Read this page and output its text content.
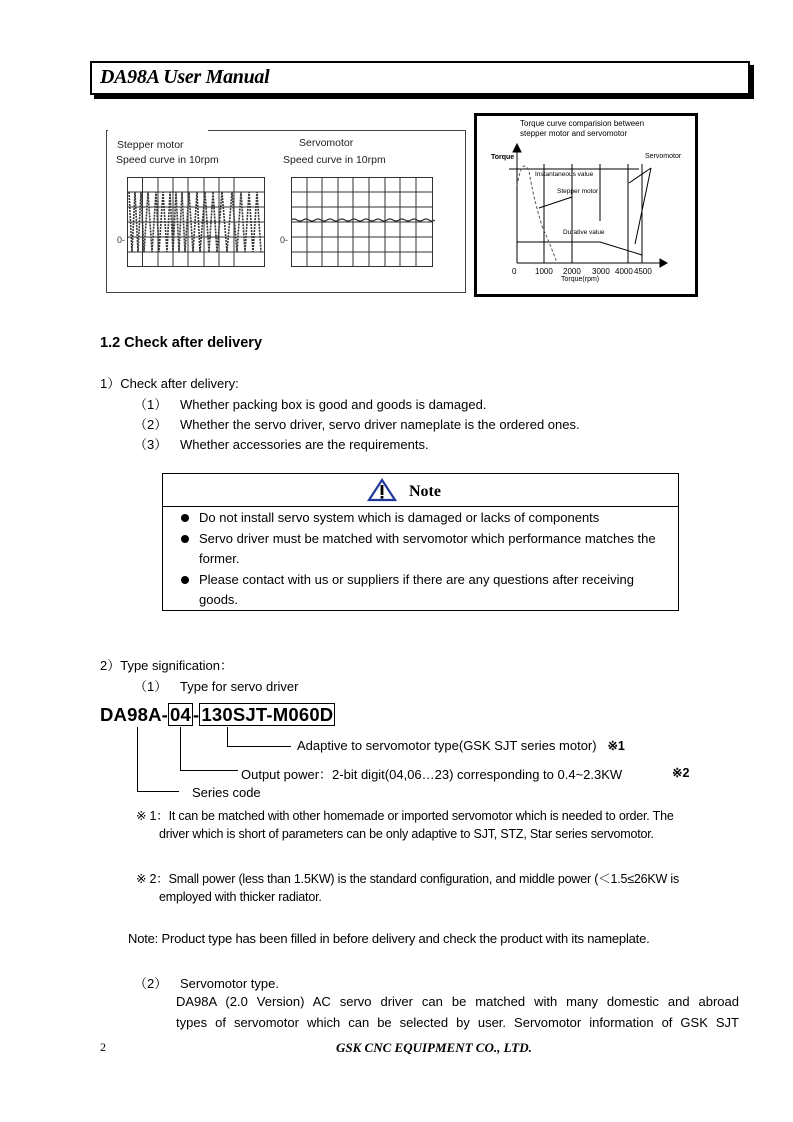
DA98A User Manual
Stepper motor
Speed curve in 10rpm
Servomotor
Speed curve in 10rpm
0-	0-
Torque curve comparision between
stepper motor and servomotor
Torque	Servomotor
Instantaneous value
Stepper motor
Durative value
0 1000 2000 3000 4000 4500
Torque(rpm)
1.2 Check after delivery
1）Check after delivery:
（1） Whether packing box is good and goods is damaged.
（2） Whether the servo driver, servo driver nameplate is the ordered ones.
（3） Whether accessories are the requirements.
Note
Do not install servo system which is damaged or lacks of components
Servo driver must be matched with servomotor which performance matches the former.
Please contact with us or suppliers if there are any questions after receiving goods.
2）Type signification：
（1） Type for servo driver
DA98A- 04 - 130SJT-M060D
Adaptive to servomotor type(GSK SJT series motor) ※1
Output power：2-bit digit(04,06…23) corresponding to 0.4~2.3KW	※2
Series code
※ 1：It can be matched with other homemade or imported servomotor which is needed to order. The
driver which is short of parameters can be only adaptive to SJT, STZ, Star series servomotor.
※ 2：Small power (less than 1.5KW) is the standard configuration, and middle power (＜1.5≤26KW is
employed with thicker radiator.
Note: Product type has been filled in before delivery and check the product with its nameplate.
（2） Servomotor type.
DA98A (2.0 Version) AC servo driver can be matched with many domestic and abroad
types of servomotor which can be selected by user. Servomotor information of GSK SJT
2	GSK CNC EQUIPMENT CO., LTD.
